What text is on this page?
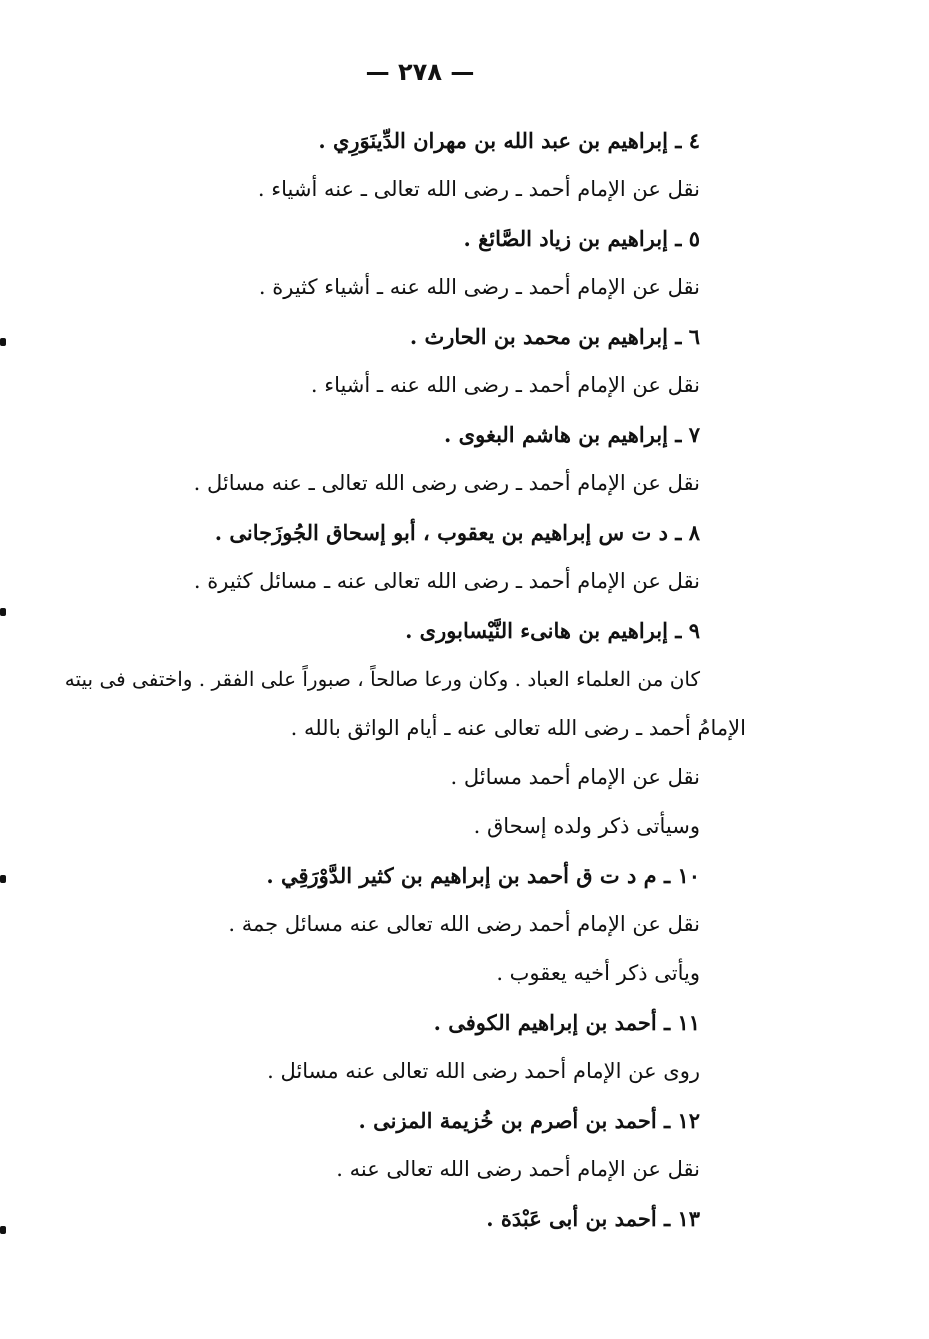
— ٢٧٨ —
٤ ـ إبراهيم بن عبد الله بن مهران الدِّينَوَرِي .
نقل عن الإمام أحمد ـ رضى الله تعالى ـ عنه أشياء .
٥ ـ إبراهيم بن زياد الصَّائغ .
نقل عن الإمام أحمد ـ رضى الله عنه ـ أشياء كثيرة .
٦ ـ إبراهيم بن محمد بن الحارث .
نقل عن الإمام أحمد ـ رضى الله عنه ـ أشياء .
٧ ـ إبراهيم بن هاشم البغوى .
نقل عن الإمام أحمد ـ رضى رضى الله تعالى ـ عنه مسائل .
٨ ـ د ت س إبراهيم بن يعقوب ، أبو إسحاق الجُوزَجانى .
نقل عن الإمام أحمد ـ رضى الله تعالى عنه ـ مسائل كثيرة .
٩ ـ إبراهيم بن هانىء النَّيْسابورى .
كان من العلماء العباد . وكان ورعا صالحاً ، صبوراً على الفقر . واختفى فى بيته
الإمامُ أحمد ـ رضى الله تعالى عنه ـ أيام الواثق بالله .
نقل عن الإمام أحمد مسائل .
وسيأتى ذكر ولده إسحاق .
١٠ ـ م د ت ق أحمد بن إبراهيم بن كثير الدَّوْرَقِي .
نقل عن الإمام أحمد رضى الله تعالى عنه مسائل جمة .
ويأتى ذكر أخيه يعقوب .
١١ ـ أحمد بن إبراهيم الكوفى .
روى عن الإمام أحمد رضى الله تعالى عنه مسائل .
١٢ ـ أحمد بن أصرم بن خُزيمة المزنى .
نقل عن الإمام أحمد رضى الله تعالى عنه .
١٣ ـ أحمد بن أبى عَبْدَة .
